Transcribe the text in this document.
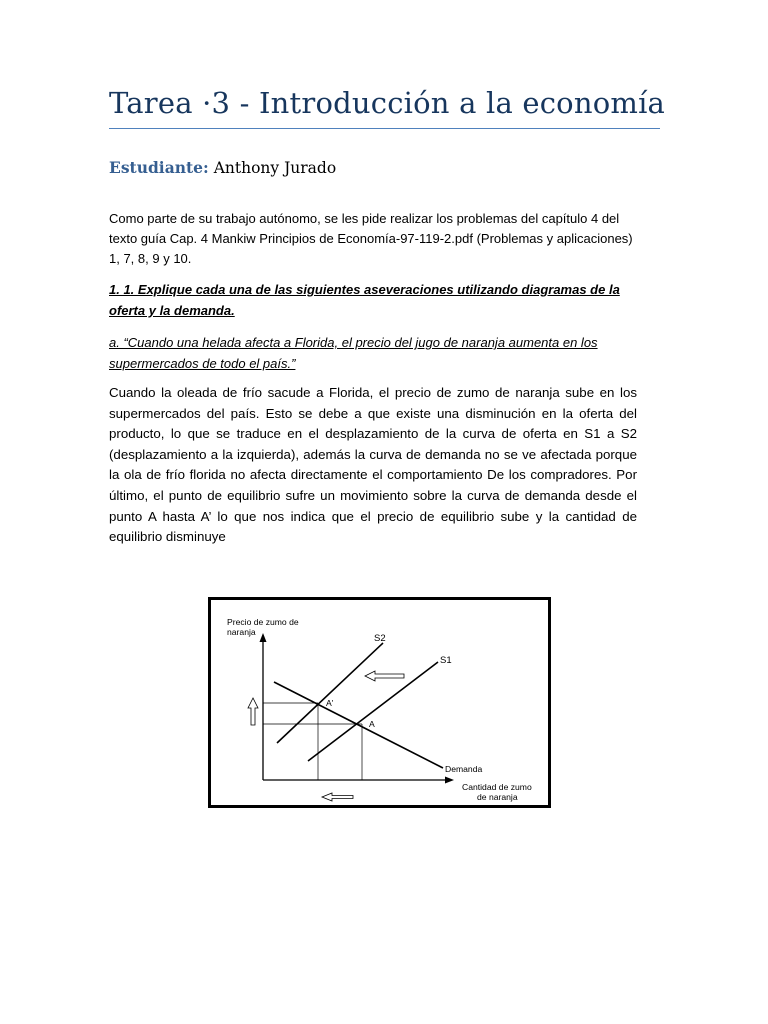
Tarea ·3 - Introducción a la economía

Estudiante: Anthony Jurado

Como parte de su trabajo autónomo, se les pide realizar los problemas del capítulo 4 del texto guía Cap. 4 Mankiw Principios de Economía-97-119-2.pdf (Problemas y aplicaciones) 1, 7, 8, 9 y 10.

1. 1. Explique cada una de las siguientes aseveraciones utilizando diagramas de la oferta y la demanda.

a. “Cuando una helada afecta a Florida, el precio del jugo de naranja aumenta en los supermercados de todo el país.”

Cuando la oleada de frío sacude a Florida, el precio de zumo de naranja sube en los supermercados del país. Esto se debe a que existe una disminución en la oferta del producto, lo que se traduce en el desplazamiento de la curva de oferta en S1 a S2 (desplazamiento a la izquierda), además la curva de demanda no se ve afectada porque la ola de frío florida no afecta directamente el comportamiento De los compradores. Por último, el punto de equilibrio sufre un movimiento sobre la curva de demanda desde el punto A hasta A’ lo que nos indica que el precio de equilibrio sube y la cantidad de equilibrio disminuye

Precio de zumo de
naranja
S2
S1
A'
A
Demanda
Cantidad de zumo
de naranja
